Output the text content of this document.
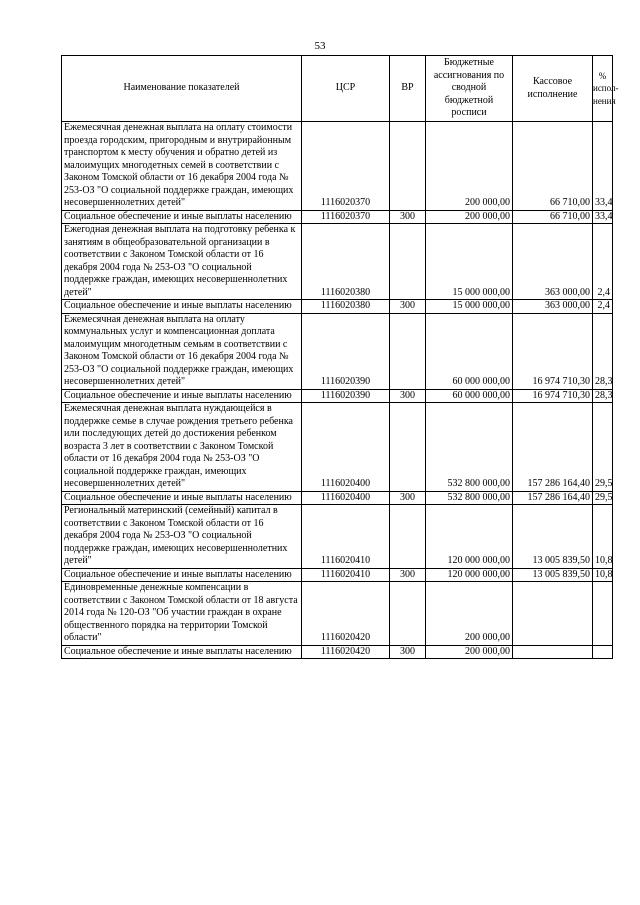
53
Наименование показателей	ЦСР	ВР	Бюджетные ассигнования по сводной бюджетной росписи	Кассовое исполнение	% испол-нения
Ежемесячная денежная выплата на оплату стоимости проезда городским, пригородным и внутрирайонным транспортом к месту обучения и обратно детей из малоимущих многодетных семей в соответствии с Законом Томской области от 16 декабря 2004 года № 253-ОЗ "О социальной поддержке граждан, имеющих несовершеннолетних детей"	1116020370		200 000,00	66 710,00	33,4
Социальное обеспечение и иные выплаты населению	1116020370	300	200 000,00	66 710,00	33,4
Ежегодная денежная выплата на подготовку ребенка к занятиям в общеобразовательной организации в соответствии с Законом Томской области от 16 декабря 2004 года № 253-ОЗ "О социальной поддержке граждан, имеющих несовершеннолетних детей"	1116020380		15 000 000,00	363 000,00	2,4
Социальное обеспечение и иные выплаты населению	1116020380	300	15 000 000,00	363 000,00	2,4
Ежемесячная денежная выплата на оплату коммунальных услуг и компенсационная доплата малоимущим многодетным семьям в соответствии с Законом Томской области от 16 декабря 2004 года № 253-ОЗ "О социальной поддержке граждан, имеющих несовершеннолетних детей"	1116020390		60 000 000,00	16 974 710,30	28,3
Социальное обеспечение и иные выплаты населению	1116020390	300	60 000 000,00	16 974 710,30	28,3
Ежемесячная денежная выплата нуждающейся в поддержке семье в случае рождения третьего ребенка или последующих детей до достижения ребенком возраста 3 лет в соответствии с Законом Томской области от 16 декабря 2004 года № 253-ОЗ "О социальной поддержке граждан, имеющих несовершеннолетних детей"	1116020400		532 800 000,00	157 286 164,40	29,5
Социальное обеспечение и иные выплаты населению	1116020400	300	532 800 000,00	157 286 164,40	29,5
Региональный материнский (семейный) капитал в соответствии с Законом Томской области от 16 декабря 2004 года № 253-ОЗ "О социальной поддержке граждан, имеющих несовершеннолетних детей"	1116020410		120 000 000,00	13 005 839,50	10,8
Социальное обеспечение и иные выплаты населению	1116020410	300	120 000 000,00	13 005 839,50	10,8
Единовременные денежные компенсации в соответствии с Законом Томской области от 18 августа 2014 года № 120-ОЗ "Об участии граждан в охране общественного порядка на территории Томской области"	1116020420		200 000,00		
Социальное обеспечение и иные выплаты населению	1116020420	300	200 000,00		
